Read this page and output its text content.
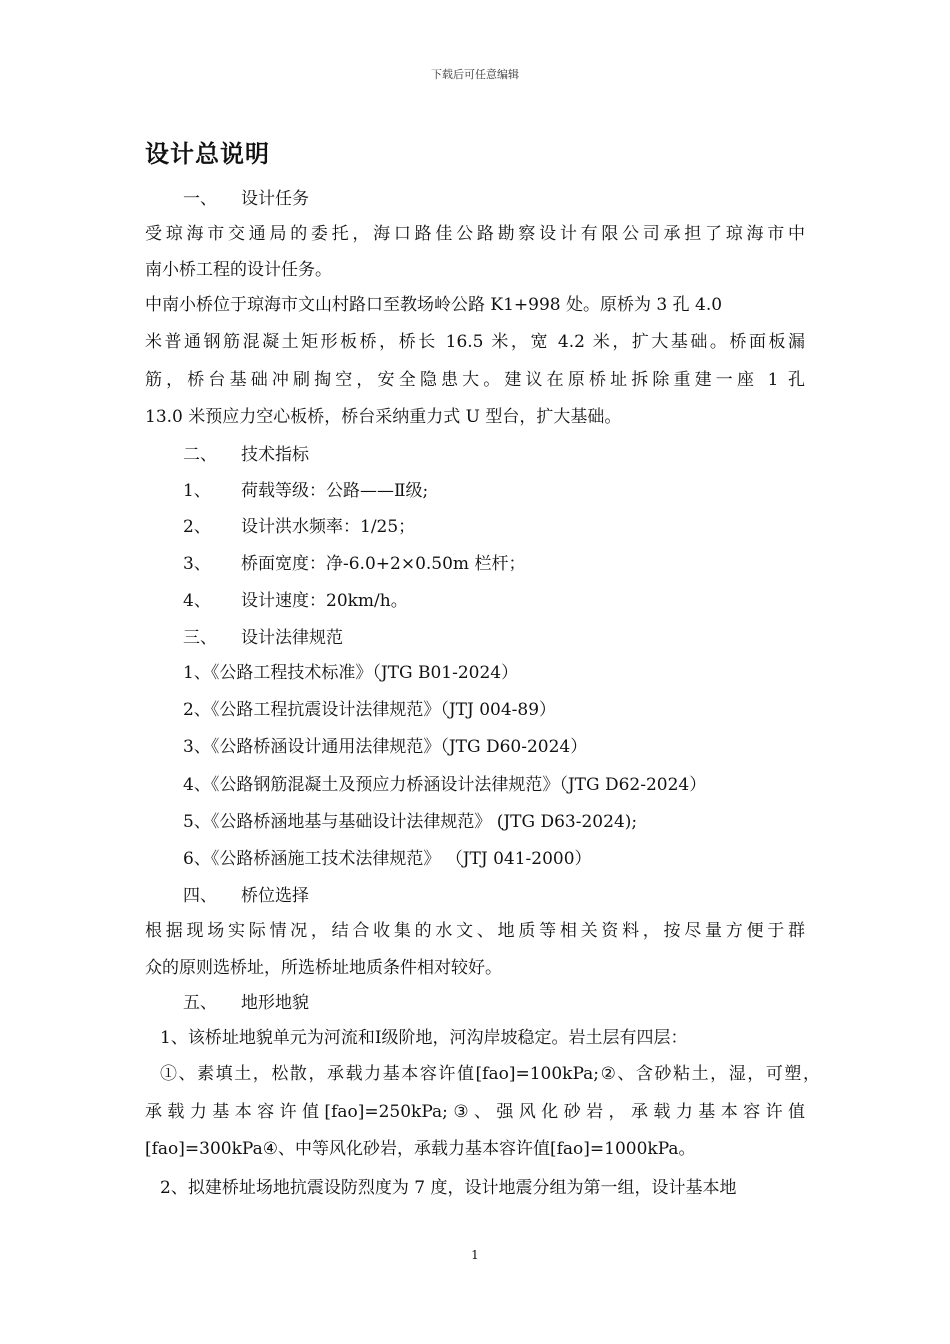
下载后可任意编辑
设计总说明
一、 设计任务
受琼海市交通局的委托，海口路佳公路勘察设计有限公司承担了琼海市中
南小桥工程的设计任务。
中南小桥位于琼海市文山村路口至教场岭公路 K1+998 处。原桥为 3 孔 4.0
米普通钢筋混凝土矩形板桥，桥长 16.5 米，宽 4.2 米，扩大基础。桥面板漏
筋，桥台基础冲刷掏空，安全隐患大。建议在原桥址拆除重建一座 1 孔
13.0 米预应力空心板桥，桥台采纳重力式 U 型台，扩大基础。
二、 技术指标
1、 荷载等级：公路——Ⅱ级;
2、 设计洪水频率：1/25；
3、 桥面宽度：净-6.0+2×0.50m 栏杆；
4、 设计速度：20km/h。
三、 设计法律规范
1、《公路工程技术标准》（JTG B01-2024）
2、《公路工程抗震设计法律规范》（JTJ 004-89）
3、《公路桥涵设计通用法律规范》（JTG D60-2024）
4、《公路钢筋混凝土及预应力桥涵设计法律规范》（JTG D62-2024）
5、《公路桥涵地基与基础设计法律规范》 (JTG D63-2024);
6、《公路桥涵施工技术法律规范》 （JTJ 041-2000）
四、 桥位选择
根据现场实际情况，结合收集的水文、地质等相关资料，按尽量方便于群
众的原则选桥址，所选桥址地质条件相对较好。
五、 地形地貌
1、该桥址地貌单元为河流和Ⅰ级阶地，河沟岸坡稳定。岩土层有四层：
①、素填土，松散，承载力基本容许值[fao]=100kPa;②、含砂粘土，湿，可塑，
承载力基本容许值[fao]=250kPa;③、强风化砂岩，承载力基本容许值
[fao]=300kPa④、中等风化砂岩，承载力基本容许值[fao]=1000kPa。
2、拟建桥址场地抗震设防烈度为 7 度，设计地震分组为第一组，设计基本地
1
